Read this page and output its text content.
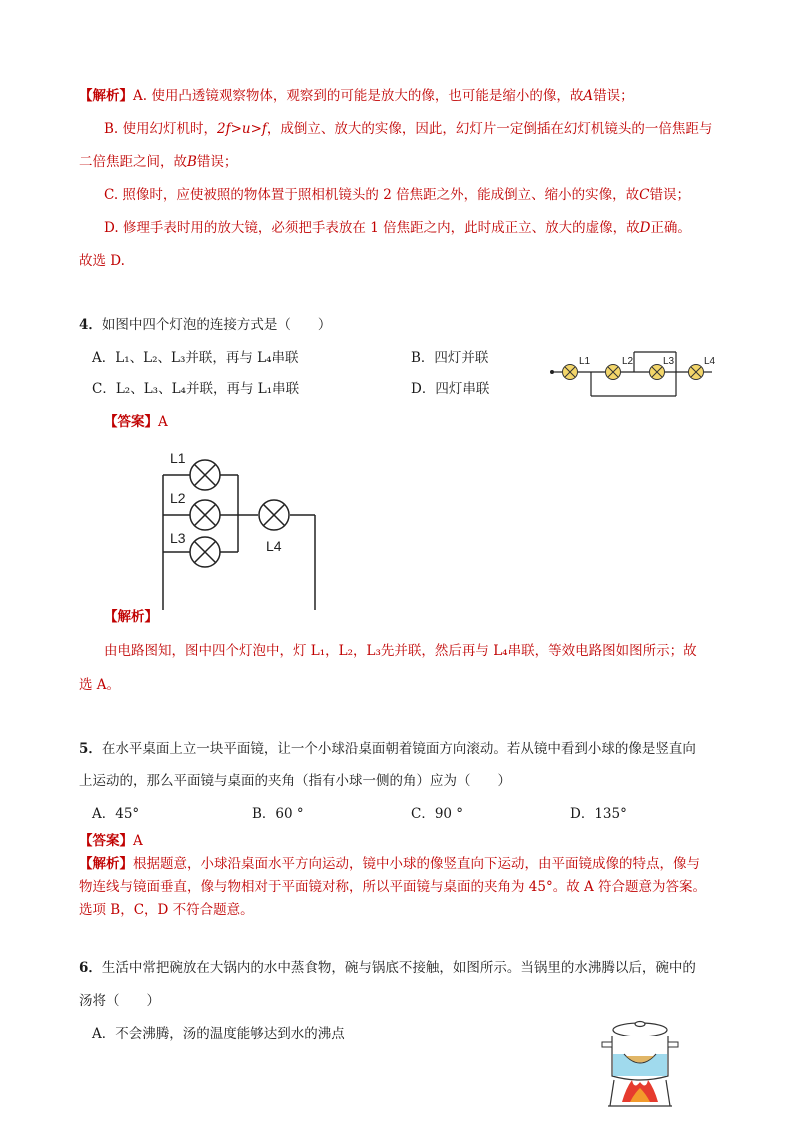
【解析】A. 使用凸透镜观察物体，观察到的可能是放大的像，也可能是缩小的像，故A错误；
B. 使用幻灯机时，2f>u>f，成倒立、放大的实像，因此，幻灯片一定倒插在幻灯机镜头的一倍焦距与
二倍焦距之间，故B错误；
C. 照像时，应使被照的物体置于照相机镜头的 2 倍焦距之外，能成倒立、缩小的实像，故C错误；
D. 修理手表时用的放大镜，必须把手表放在 1 倍焦距之内，此时成正立、放大的虚像，故D正确。
故选 D.
4．如图中四个灯泡的连接方式是（　　）
A．L₁、L₂、L₃并联，再与 L₄串联	B．四灯并联
C．L₂、L₃、L₄并联，再与 L₁串联	D．四灯串联
L1	L2	L3	L4
【答案】A
L1
L2
L3	L4
【解析】
由电路图知，图中四个灯泡中，灯 L₁，L₂，L₃先并联，然后再与 L₄串联，等效电路图如图所示；故
选 A。
5．在水平桌面上立一块平面镜，让一个小球沿桌面朝着镜面方向滚动。若从镜中看到小球的像是竖直向
上运动的，那么平面镜与桌面的夹角（指有小球一侧的角）应为（　　）
A．45°	B．60 °	C．90 °	D．135°
【答案】A
【解析】根据题意，小球沿桌面水平方向运动，镜中小球的像竖直向下运动，由平面镜成像的特点，像与
物连线与镜面垂直，像与物相对于平面镜对称，所以平面镜与桌面的夹角为 45°。故 A 符合题意为答案。
选项 B，C，D 不符合题意。
6．生活中常把碗放在大锅内的水中蒸食物，碗与锅底不接触，如图所示。当锅里的水沸腾以后，碗中的
汤将（　　）
A．不会沸腾，汤的温度能够达到水的沸点
